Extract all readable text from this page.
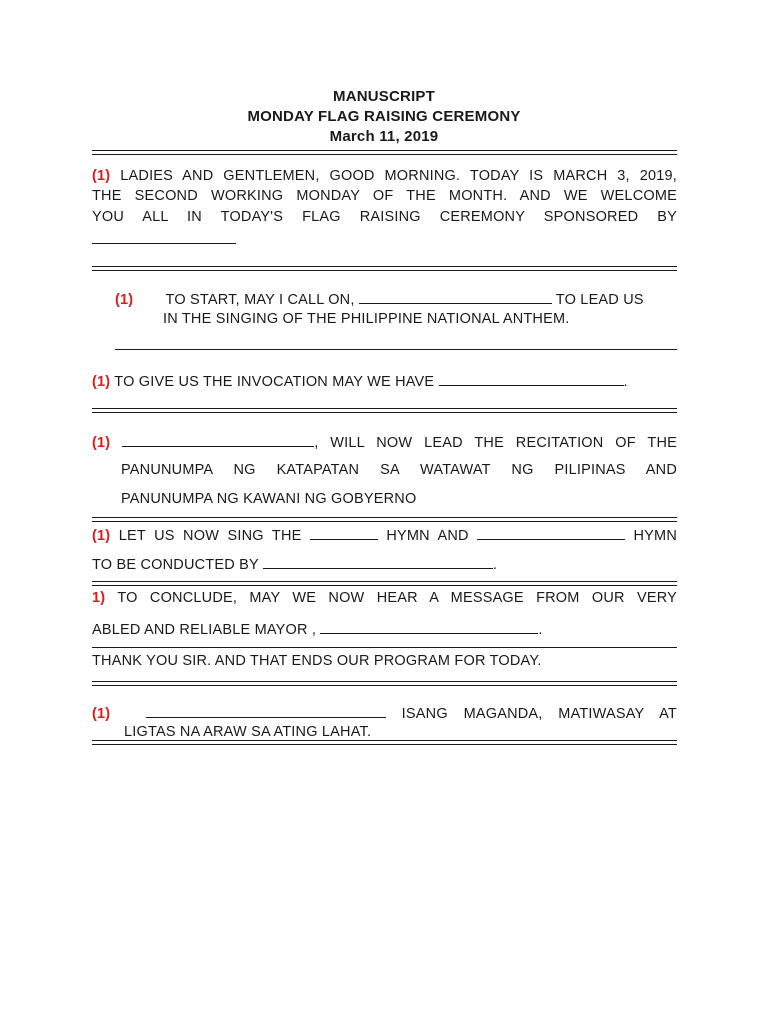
MANUSCRIPT
MONDAY FLAG RAISING CEREMONY
March 11, 2019
(1) LADIES AND GENTLEMEN, GOOD MORNING. TODAY IS MARCH 3, 2019,
THE SECOND WORKING MONDAY OF THE MONTH. AND WE WELCOME
YOU ALL IN TODAY'S FLAG RAISING CEREMONY SPONSORED BY
(1) TO START, MAY I CALL ON,	TO LEAD US
IN THE SINGING OF THE PHILIPPINE NATIONAL ANTHEM.
(1) TO GIVE US THE INVOCATION MAY WE HAVE	.
(1)	, WILL NOW LEAD THE RECITATION OF THE
PANUNUMPA NG KATAPATAN SA WATAWAT NG PILIPINAS AND
PANUNUMPA NG KAWANI NG GOBYERNO
(1) LET US NOW SING THE	HYMN AND	HYMN
TO BE CONDUCTED BY	.
1) TO CONCLUDE, MAY WE NOW HEAR A MESSAGE FROM OUR VERY
ABLED AND RELIABLE MAYOR ,	.
THANK YOU SIR. AND THAT ENDS OUR PROGRAM FOR TODAY.
(1)	ISANG MAGANDA, MATIWASAY AT
LIGTAS NA ARAW SA ATING LAHAT.
